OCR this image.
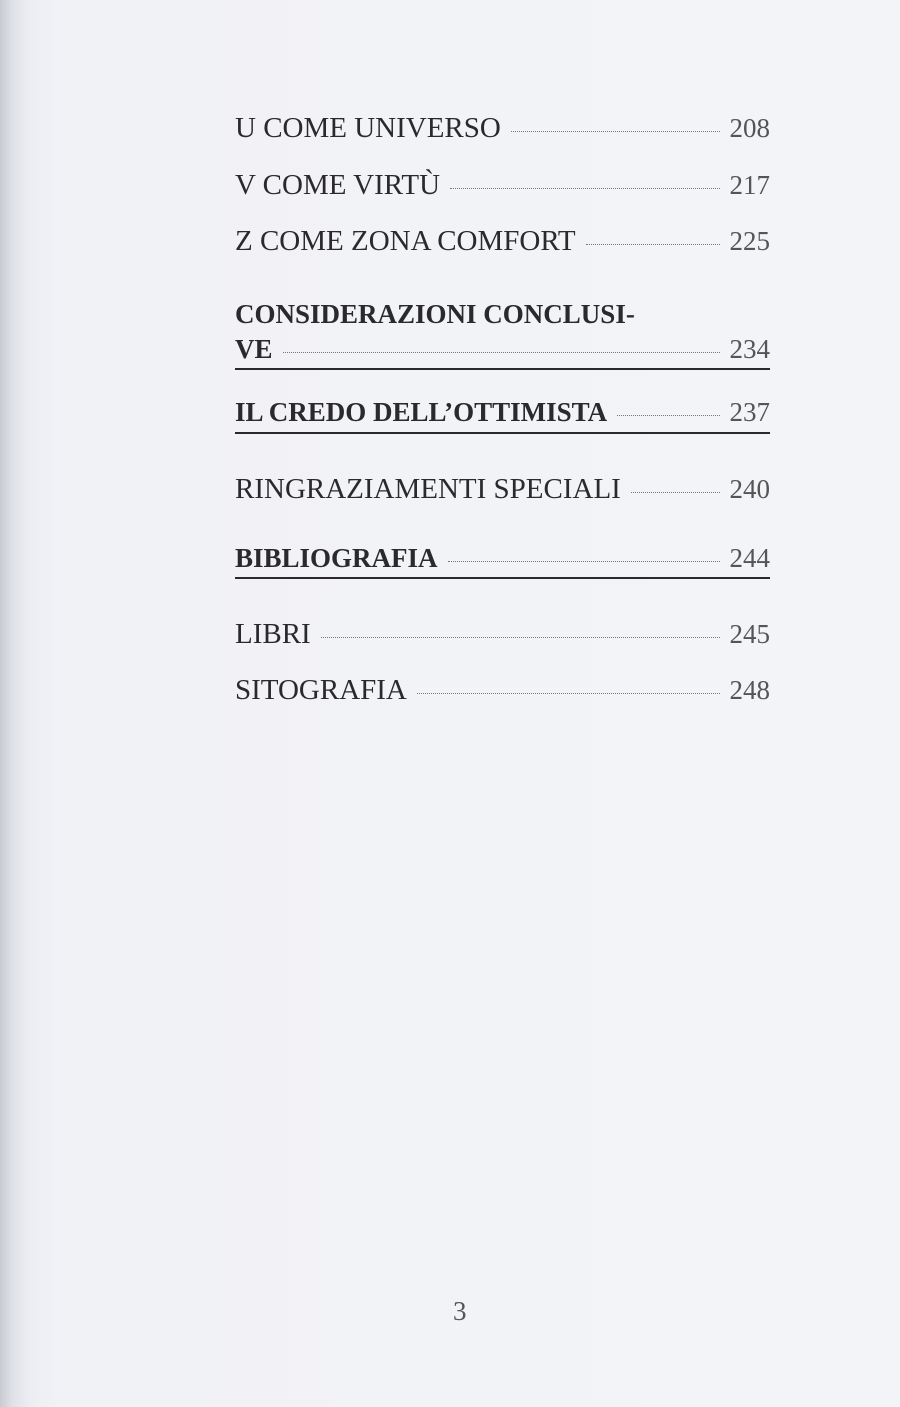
U COME UNIVERSO	208
V COME VIRTÙ	217
Z COME ZONA COMFORT	225
CONSIDERAZIONI CONCLUSI-
VE	234
IL CREDO DELL’OTTIMISTA	237
RINGRAZIAMENTI SPECIALI	240
BIBLIOGRAFIA	244
LIBRI	245
SITOGRAFIA	248
3
